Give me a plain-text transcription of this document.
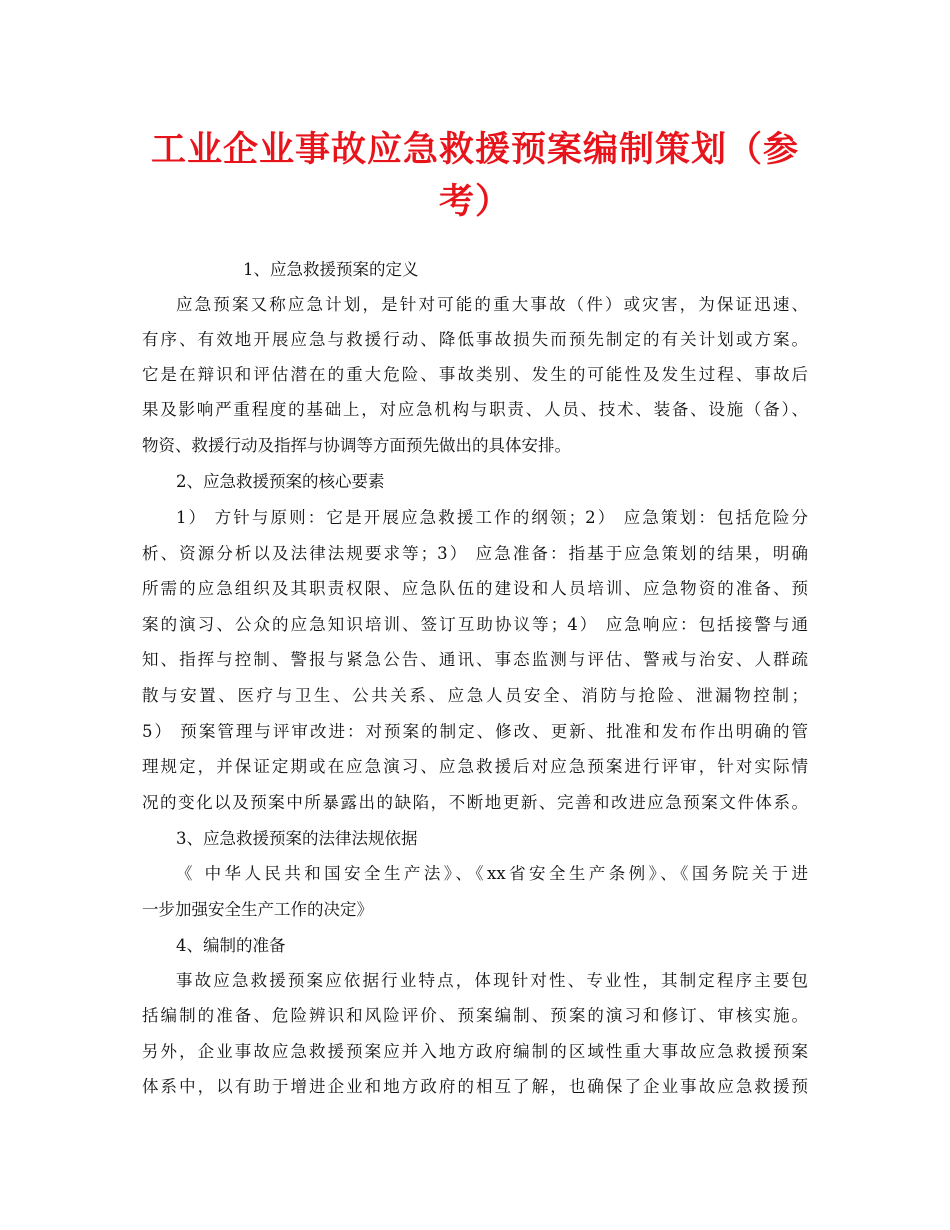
工业企业事故应急救援预案编制策划（参
考）
1、应急救援预案的定义
应急预案又称应急计划，是针对可能的重大事故（件）或灾害，为保证迅速、
有序、有效地开展应急与救援行动、降低事故损失而预先制定的有关计划或方案。
它是在辩识和评估潜在的重大危险、事故类别、发生的可能性及发生过程、事故后
果及影响严重程度的基础上，对应急机构与职责、人员、技术、装备、设施（备）、
物资、救援行动及指挥与协调等方面预先做出的具体安排。
2、应急救援预案的核心要素
1） 方针与原则：它是开展应急救援工作的纲领；2） 应急策划：包括危险分
析、资源分析以及法律法规要求等；3） 应急准备：指基于应急策划的结果，明确
所需的应急组织及其职责权限、应急队伍的建设和人员培训、应急物资的准备、预
案的演习、公众的应急知识培训、签订互助协议等；4） 应急响应：包括接警与通
知、指挥与控制、警报与紧急公告、通讯、事态监测与评估、警戒与治安、人群疏
散与安置、医疗与卫生、公共关系、应急人员安全、消防与抢险、泄漏物控制；
5） 预案管理与评审改进：对预案的制定、修改、更新、批准和发布作出明确的管
理规定，并保证定期或在应急演习、应急救援后对应急预案进行评审，针对实际情
况的变化以及预案中所暴露出的缺陷，不断地更新、完善和改进应急预案文件体系。
3、应急救援预案的法律法规依据
《 中华人民共和国安全生产法》、《xx省安全生产条例》、《国务院关于进
一步加强安全生产工作的决定》
4、编制的准备
事故应急救援预案应依据行业特点，体现针对性、专业性，其制定程序主要包
括编制的准备、危险辨识和风险评价、预案编制、预案的演习和修订、审核实施。
另外，企业事故应急救援预案应并入地方政府编制的区域性重大事故应急救援预案
体系中，以有助于增进企业和地方政府的相互了解，也确保了企业事故应急救援预
